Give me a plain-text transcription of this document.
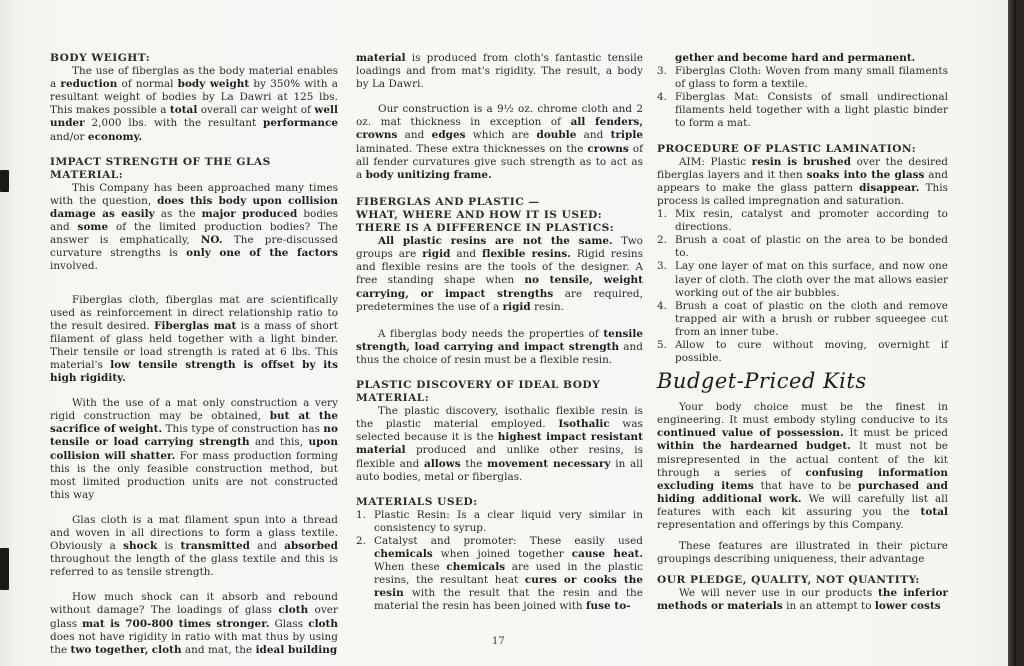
BODY WEIGHT:

The use of fiberglas as the body material enables a reduction of normal body weight by 350% with a resultant weight of bodies by La Dawri at 125 lbs. This makes possible a total overall car weight of well under 2,000 lbs. with the resultant performance and/or economy.

IMPACT STRENGTH OF THE GLAS MATERIAL:

This Company has been approached many times with the question, does this body upon collision damage as easily as the major produced bodies and some of the limited production bodies? The answer is emphatically, NO. The pre-discussed curvature strengths is only one of the factors involved.

Fiberglas cloth, fiberglas mat are scientifically used as reinforcement in direct relationship ratio to the result desired. Fiberglas mat is a mass of short filament of glass held together with a light binder. Their tensile or load strength is rated at 6 lbs. This material's low tensile strength is offset by its high rigidity.

With the use of a mat only construction a very rigid construction may be obtained, but at the sacrifice of weight. This type of construction has no tensile or load carrying strength and this, upon collision will shatter. For mass production forming this is the only feasible construction method, but most limited production units are not constructed this way

Glas cloth is a mat filament spun into a thread and woven in all directions to form a glass textile. Obviously a shock is transmitted and absorbed throughout the length of the glass textile and this is referred to as tensile strength.

How much shock can it absorb and rebound without damage? The loadings of glass cloth over glass mat is 700-800 times stronger. Glass cloth does not have rigidity in ratio with mat thus by using the two together, cloth and mat, the ideal building

material is produced from cloth's fantastic tensile loadings and from mat's rigidity. The result, a body by La Dawri.

Our construction is a 9½ oz. chrome cloth and 2 oz. mat thickness in exception of all fenders, crowns and edges which are double and triple laminated. These extra thicknesses on the crowns of all fender curvatures give such strength as to act as a body unitizing frame.

FIBERGLAS AND PLASTIC —
WHAT, WHERE AND HOW IT IS USED:
THERE IS A DIFFERENCE IN PLASTICS:

All plastic resins are not the same. Two groups are rigid and flexible resins. Rigid resins and flexible resins are the tools of the designer. A free standing shape when no tensile, weight carrying, or impact strengths are required, predetermines the use of a rigid resin.

A fiberglas body needs the properties of tensile strength, load carrying and impact strength and thus the choice of resin must be a flexible resin.

PLASTIC DISCOVERY OF IDEAL BODY MATERIAL:

The plastic discovery, isothalic flexible resin is the plastic material employed. Isothalic was selected because it is the highest impact resistant material produced and unlike other resins, is flexible and allows the movement necessary in all auto bodies, metal or fiberglas.

MATERIALS USED:
1. Plastic Resin: Is a clear liquid very similar in consistency to syrup.
2. Catalyst and promoter: These easily used chemicals when joined together cause heat. When these chemicals are used in the plastic resins, the resultant heat cures or cooks the resin with the result that the resin and the material the resin has been joined with fuse to-
gether and become hard and permanent.
3. Fiberglas Cloth: Woven from many small filaments of glass to form a textile.
4. Fiberglas Mat: Consists of small undirectional filaments held together with a light plastic binder to form a mat.
PROCEDURE OF PLASTIC LAMINATION:

AIM: Plastic resin is brushed over the desired fiberglas layers and it then soaks into the glass and appears to make the glass pattern disappear. This process is called impregnation and saturation.

1. Mix resin, catalyst and promoter according to directions.
2. Brush a coat of plastic on the area to be bonded to.
3. Lay one layer of mat on this surface, and now one layer of cloth. The cloth over the mat allows easier working out of the air bubbles.
4. Brush a coat of plastic on the cloth and remove trapped air with a brush or rubber squeegee cut from an inner tube.
5. Allow to cure without moving, overnight if possible.
Budget-Priced Kits

Your body choice must be the finest in engineering. It must embody styling conducive to its continued value of possession. It must be priced within the hardearned budget. It must not be misrepresented in the actual content of the kit through a series of confusing information excluding items that have to be purchased and hiding additional work. We will carefully list all features with each kit assuring you the total representation and offerings by this Company.

These features are illustrated in their picture groupings describing uniqueness, their advantage

OUR PLEDGE, QUALITY, NOT QUANTITY:

We will never use in our products the inferior methods or materials in an attempt to lower costs

17
